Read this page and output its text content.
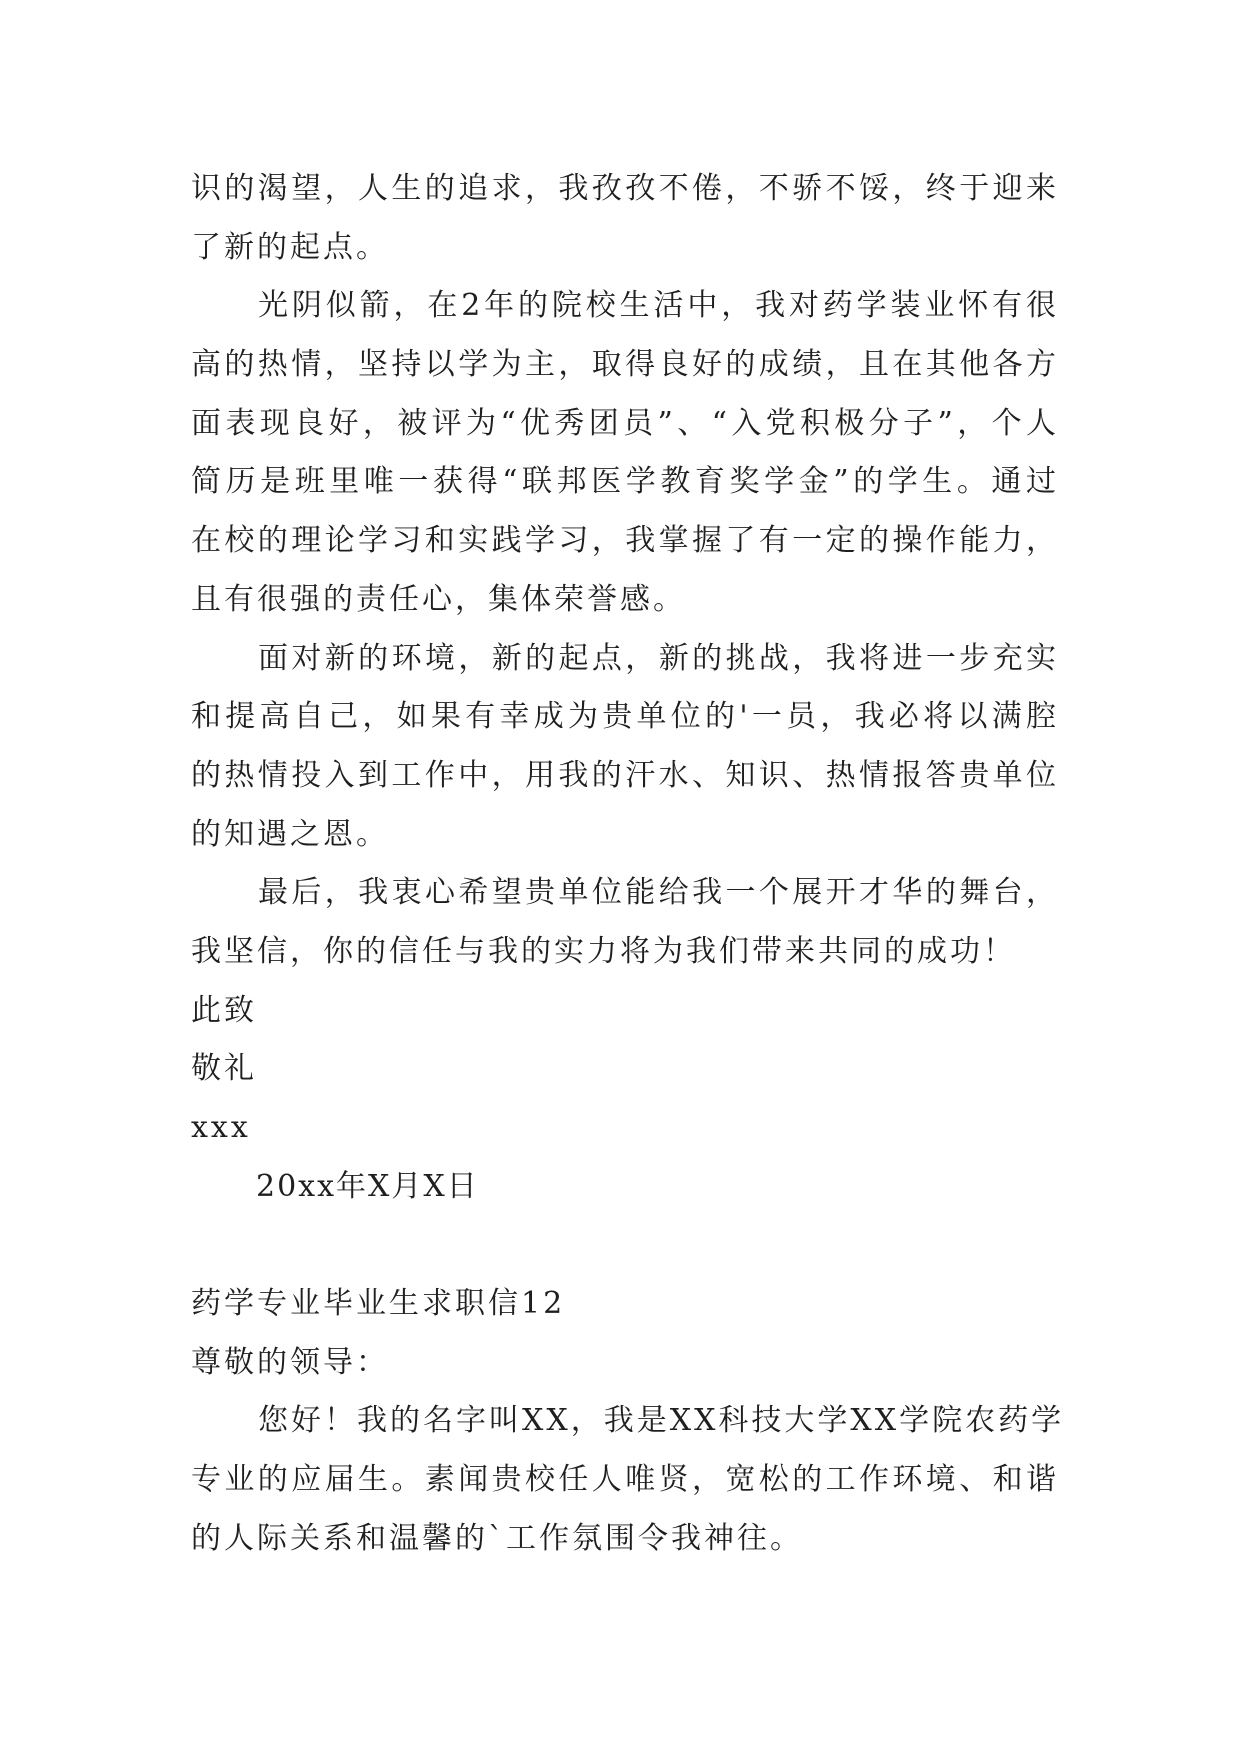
识的渴望，人生的追求，我孜孜不倦，不骄不馁，终于迎来
了新的起点。
光阴似箭，在2年的院校生活中，我对药学装业怀有很
高的热情，坚持以学为主，取得良好的成绩，且在其他各方
面表现良好，被评为“优秀团员”、“入党积极分子”，个人
简历是班里唯一获得“联邦医学教育奖学金”的学生。通过
在校的理论学习和实践学习，我掌握了有一定的操作能力，
且有很强的责任心，集体荣誉感。
面对新的环境，新的起点，新的挑战，我将进一步充实
和提高自己，如果有幸成为贵单位的'一员，我必将以满腔
的热情投入到工作中，用我的汗水、知识、热情报答贵单位
的知遇之恩。
最后，我衷心希望贵单位能给我一个展开才华的舞台，
我坚信，你的信任与我的实力将为我们带来共同的成功！
此致
敬礼
xxx
20xx年X月X日
药学专业毕业生求职信12
尊敬的领导：
您好！我的名字叫XX，我是XX科技大学XX学院农药学
专业的应届生。素闻贵校任人唯贤，宽松的工作环境、和谐
的人际关系和温馨的`工作氛围令我神往。
